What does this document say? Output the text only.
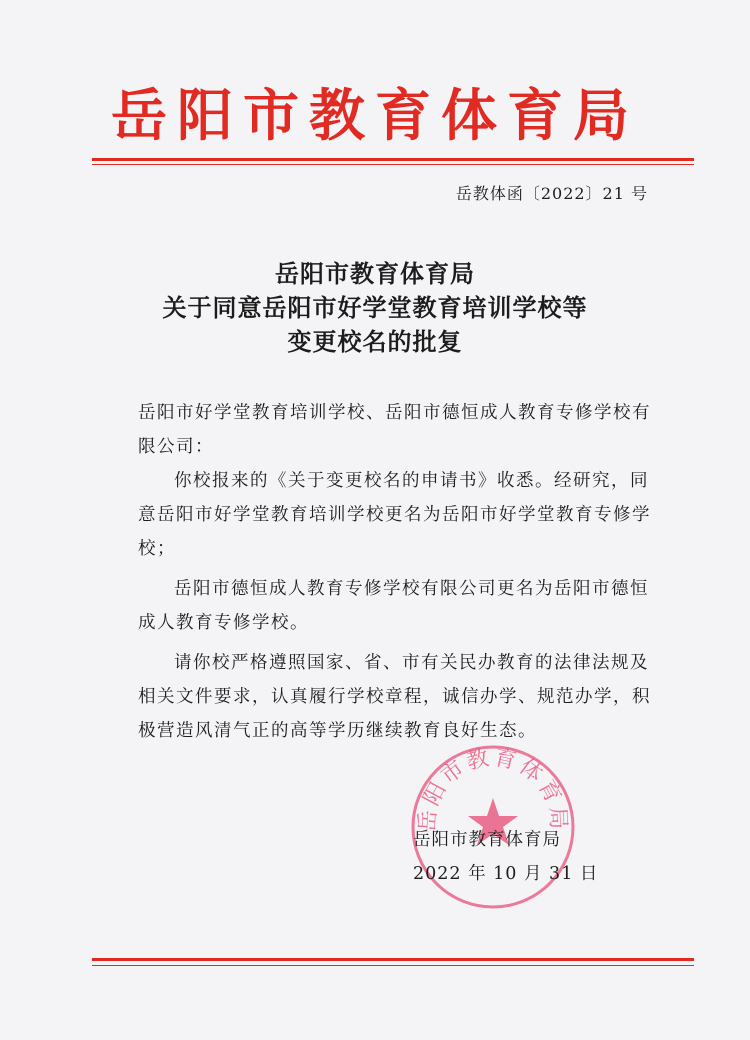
岳阳市教育体育局
岳教体函〔2022〕21 号
岳阳市教育体育局
关于同意岳阳市好学堂教育培训学校等
变更校名的批复
岳阳市好学堂教育培训学校、岳阳市德恒成人教育专修学校有限公司：
你校报来的《关于变更校名的申请书》收悉。经研究，同意岳阳市好学堂教育培训学校更名为岳阳市好学堂教育专修学校；
岳阳市德恒成人教育专修学校有限公司更名为岳阳市德恒成人教育专修学校。
请你校严格遵照国家、省、市有关民办教育的法律法规及相关文件要求，认真履行学校章程，诚信办学、规范办学，积极营造风清气正的高等学历继续教育良好生态。
岳阳市教育体育局
岳阳市教育体育局
2022 年 10 月 31 日
